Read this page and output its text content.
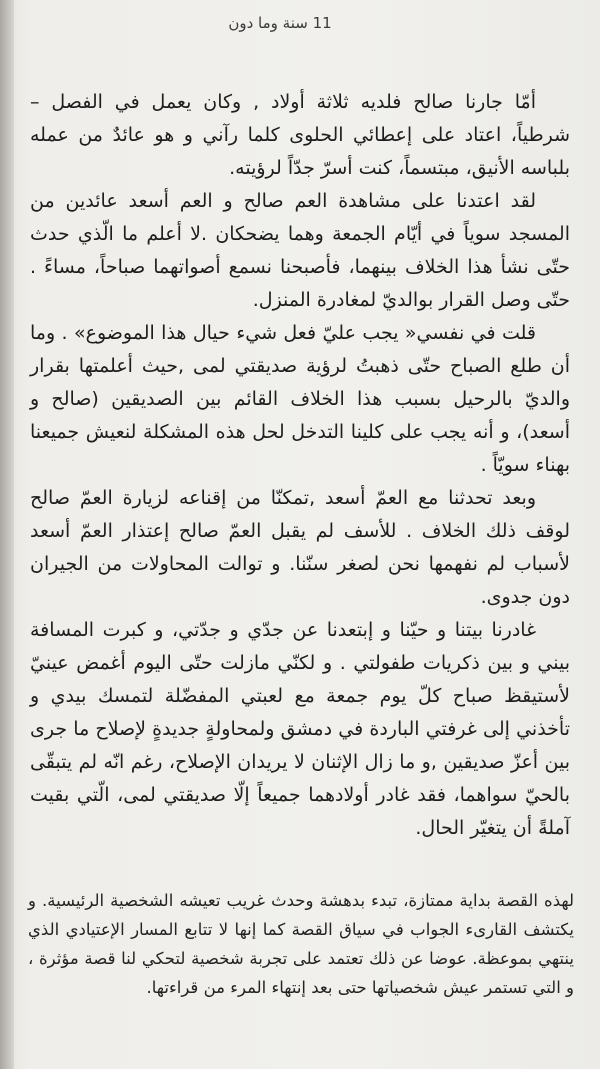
11 سنة وما دون

أمّا جارنا صالح فلديه ثلاثة أولاد , وكان يعمل في الفصل – شرطياً، اعتاد على إعطائي الحلوى كلما رآني و هو عائدٌ من عمله بلباسه الأنيق، مبتسماً، كنت أسرّ جدّاً لرؤيته.

لقد اعتدنا على مشاهدة العم صالح و العم أسعد عائدين من المسجد سوياً في أيّام الجمعة وهما يضحكان .لا أعلم ما الّذي حدث حتّى نشأ هذا الخلاف بينهما، فأصبحنا نسمع أصواتهما صباحاً، مساءً . حتّى وصل القرار بوالديّ لمغادرة المنزل.

قلت في نفسي« يجب عليّ فعل شيء حيال هذا الموضوع» . وما أن طلع الصباح حتّى ذهبتُ لرؤية صديقتي لمى ,حيث أعلمتها بقرار والديّ بالرحيل بسبب هذا الخلاف القائم بين الصديقين (صالح و أسعد)، و أنه يجب على كلينا التدخل لحل هذه المشكلة لنعيش جميعنا بهناء سويّاً .

وبعد تحدثنا مع العمّ أسعد ,تمكنّا من إقناعه لزيارة العمّ صالح لوقف ذلك الخلاف . للأسف لم يقبل العمّ صالح إعتذار العمّ أسعد لأسباب لم نفهمها نحن لصغر سنّنا. و توالت المحاولات من الجيران دون جدوى.

غادرنا بيتنا و حيّنا و إبتعدنا عن جدّي و جدّتي، و كبرت المسافة بيني و بين ذكريات طفولتي . و لكنّي مازلت حتّى اليوم أغمض عينيّ لأستيقظ صباح كلّ يوم جمعة مع لعبتي المفضّلة لتمسك بيدي و تأخذني إلى غرفتي الباردة في دمشق ولمحاولةٍ جديدةٍ لإصلاح ما جرى بين أعزّ صديقين ,و ما زال الإثنان لا يريدان الإصلاح، رغم انّه لم يتبقّى بالحيّ سواهما، فقد غادر أولادهما جميعاً إلّا صديقتي لمى، الّتي بقيت آملةً أن يتغيّر الحال.

لهذه القصة بداية ممتازة، تبدء بدهشة وحدث غريب تعيشه الشخصية الرئيسية. و يكتشف القارىء الجواب في سياق القصة كما إنها لا تتابع المسار الإعتيادي الذي ينتهي بموعظة. عوضا عن ذلك تعتمد على تجربة شخصية لتحكي لنا قصة مؤثرة ، و التي تستمر عيش شخصياتها حتى بعد إنتهاء المرء من قراءتها.
